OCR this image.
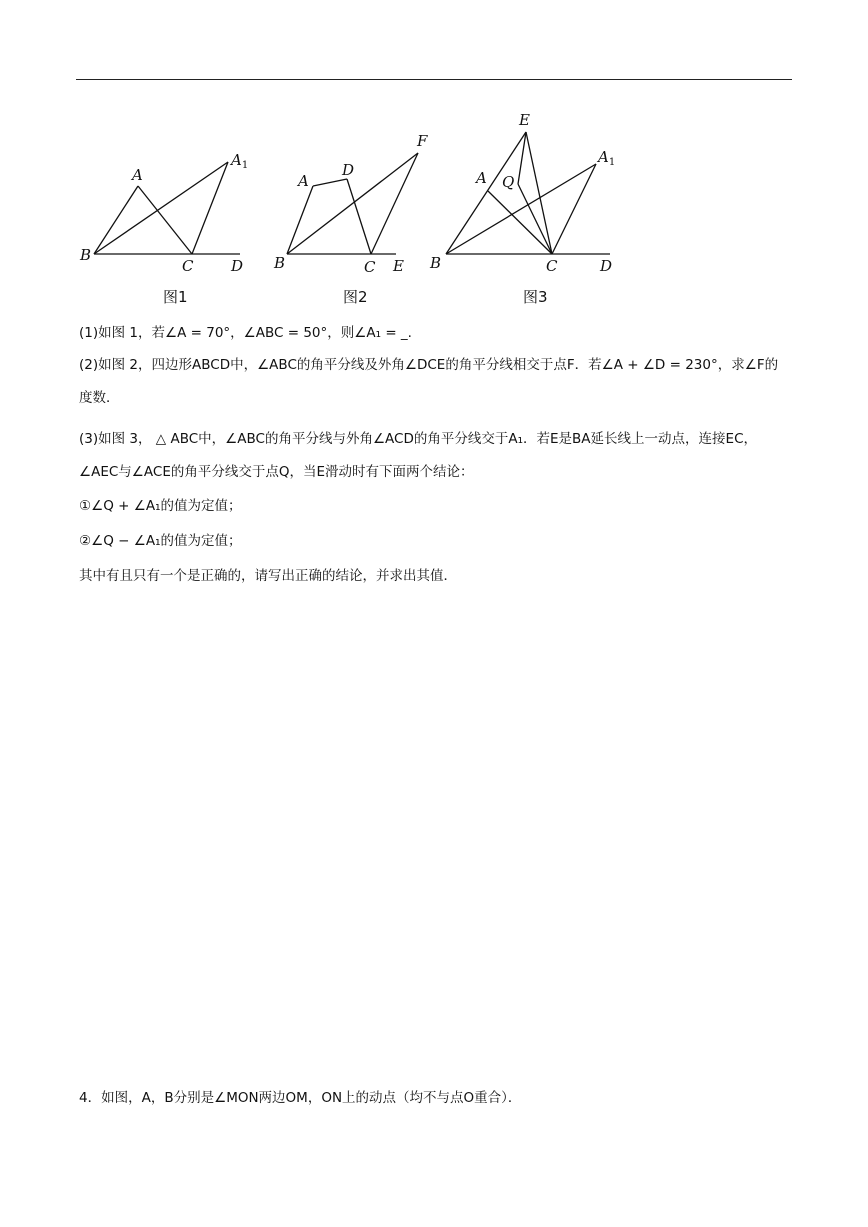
A
$A_1$
B
C	D
图1
A
D
F
B	C E
图2
E
A Q
$A_1$
B	C	D
图3
(1)如图 1，若∠A = 70°，∠ABC = 50°，则∠A₁ = _.
(2)如图 2，四边形ABCD中，∠ABC的角平分线及外角∠DCE的角平分线相交于点F．若∠A + ∠D = 230°，求∠F的度数．
(3)如图 3， △ ABC中，∠ABC的角平分线与外角∠ACD的角平分线交于A₁．若E是BA延长线上一动点，连接EC，∠AEC与∠ACE的角平分线交于点Q，当E滑动时有下面两个结论：
①∠Q + ∠A₁的值为定值；
②∠Q − ∠A₁的值为定值；
其中有且只有一个是正确的，请写出正确的结论，并求出其值．
4．如图，A，B分别是∠MON两边OM，ON上的动点（均不与点O重合）．
